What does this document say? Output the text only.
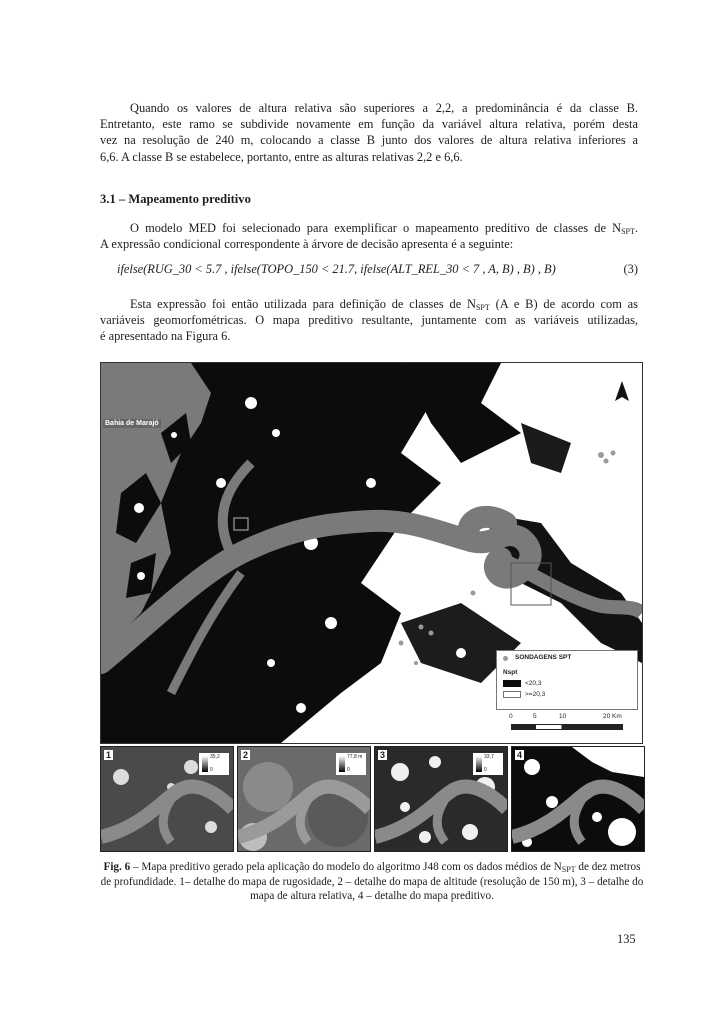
Quando os valores de altura relativa são superiores a 2,2, a predominância é da classe B.
Entretanto, este ramo se subdivide novamente em função da variável altura relativa, porém desta
vez na resolução de 240 m, colocando a classe B junto dos valores de altura relativa inferiores a
6,6. A classe B se estabelece, portanto, entre as alturas relativas 2,2 e 6,6.

3.1 – Mapeamento preditivo

O modelo MED foi selecionado para exemplificar o mapeamento preditivo de classes de $N_{SPT}$.
A expressão condicional correspondente à árvore de decisão apresenta é a seguinte:

ifelse(RUG_30 < 5.7 , ifelse(TOPO_150 < 21.7, ifelse(ALT_REL_30 < 7 , A, B) , B) , B)	(3)

Esta expressão foi então utilizada para definição de classes de $N_{SPT}$ (A e B) de acordo com as
variáveis geomorfométricas. O mapa preditivo resultante, juntamente com as variáveis utilizadas,
é apresentado na Figura 6.

Bahia de Marajó
SONDAGENS SPT
Nspt
<20,3
>=20,3
0	5	10	20 Km
1	35,2
0
2	77,8 m
0
3	33,7
0
4

Fig. 6 – Mapa preditivo gerado pela aplicação do modelo do algoritmo J48 com os dados médios de $N_{SPT}$ de dez metros de profundidade. 1– detalhe do mapa de rugosidade, 2 – detalhe do mapa de altitude (resolução de 150 m), 3 – detalhe do mapa de altura relativa, 4 – detalhe do mapa preditivo.

135
